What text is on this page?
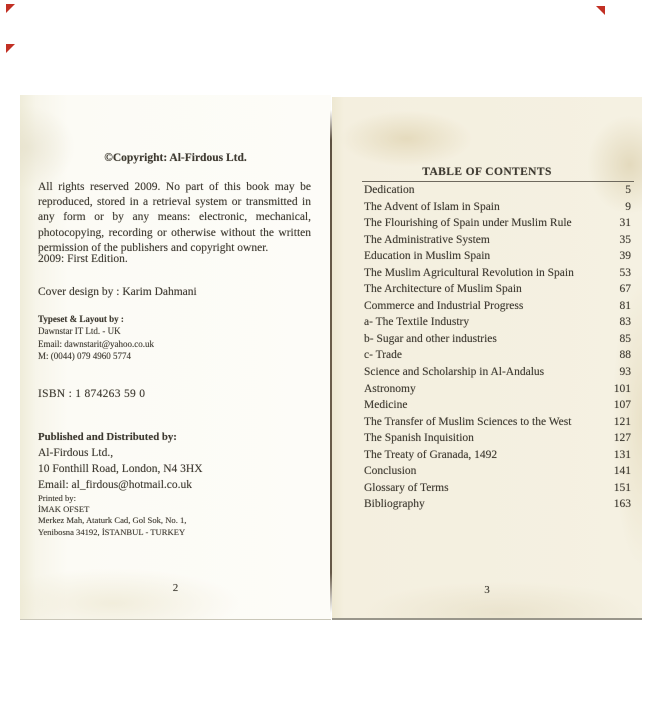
©Copyright: Al-Firdous Ltd.
All rights reserved 2009. No part of this book may be reproduced, stored in a retrieval system or transmitted in any form or by any means: electronic, mechanical, photocopying, recording or otherwise without the written permission of the publishers and copyright owner.
2009: First Edition.
Cover design by : Karim Dahmani
Typeset & Layout by :
Dawnstar IT Ltd. - UK
Email: dawnstarit@yahoo.co.uk
M: (0044) 079 4960 5774
ISBN : 1 874263 59 0
Published and Distributed by:
Al-Firdous Ltd.,
10 Fonthill Road, London, N4 3HX
Email: al_firdous@hotmail.co.uk
Printed by:
İMAK OFSET
Merkez Mah, Ataturk Cad, Gol Sok, No. 1,
Yenibosna 34192, İSTANBUL - TURKEY
2
TABLE OF CONTENTS
Dedication	5
The Advent of Islam in Spain	9
The Flourishing of Spain under Muslim Rule	31
The Administrative System	35
Education in Muslim Spain	39
The Muslim Agricultural Revolution in Spain	53
The Architecture of Muslim Spain	67
Commerce and Industrial Progress	81
a- The Textile Industry	83
b- Sugar and other industries	85
c- Trade	88
Science and Scholarship in Al-Andalus	93
Astronomy	101
Medicine	107
The Transfer of Muslim Sciences to the West	121
The Spanish Inquisition	127
The Treaty of Granada, 1492	131
Conclusion	141
Glossary of Terms	151
Bibliography	163
3
